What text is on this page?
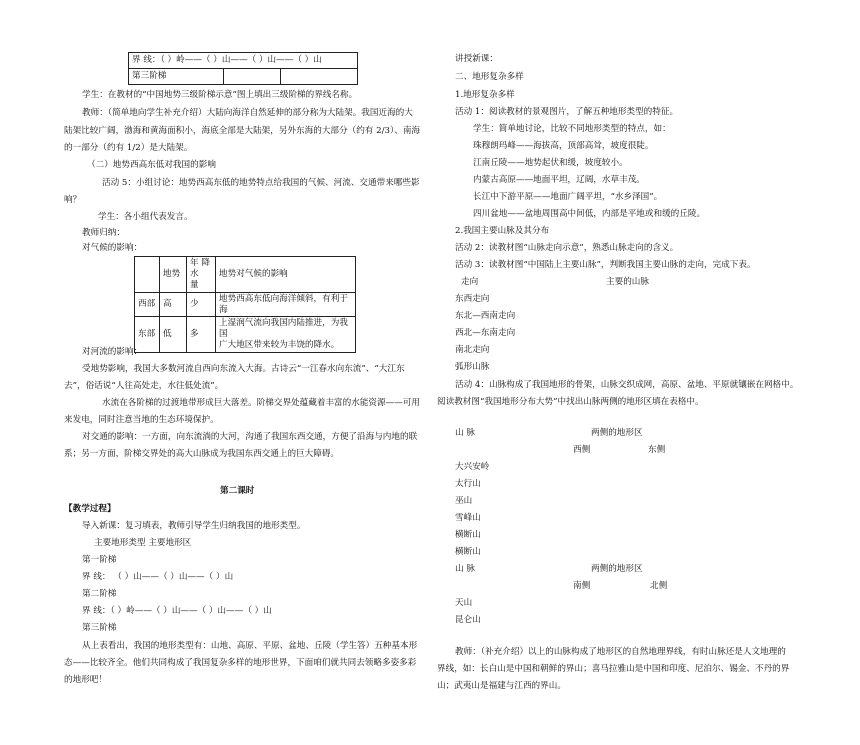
界 线：（ ）岭——（ ）山——（ ）山——（ ）山
第三阶梯		
学生：在教材的“中国地势三级阶梯示意”图上填出三级阶梯的界线名称。
教师：（简单地向学生补充介绍）大陆向海洋自然延伸的部分称为大陆架。我国近海的大
陆架比较广阔，渤海和黄海面积小，海底全部是大陆架，另外东海的大部分（约有 2/3）、南海
的一部分（约有 1/2）是大陆架。
（二）地势西高东低对我国的影响
活动 5：小组讨论：地势西高东低的地势特点给我国的气候、河流、交通带来哪些影
响？
学生：各小组代表发言。
教师归纳：
对气候的影响：
	地势	年 降 水
量	地势对气候的影响
西部	高	少	地势西高东低向海洋倾斜，有利于海
东部	低	多	上湿润气流向我国内陆推进，为我国
广大地区带来较为丰饶的降水。
对河流的影响：
受地势影响，我国大多数河流自西向东流入大海。古诗云“一江春水向东流”、“大江东
去”，俗话说“人往高处走，水往低处流”。
水流在各阶梯的过渡地带形成巨大落差。阶梯交界处蕴藏着丰富的水能资源——可用
来发电，同时注意当地的生态环境保护。
对交通的影响：一方面，向东流淌的大河，沟通了我国东西交通，方便了沿海与内地的联
系；另一方面，阶梯交界处的高大山脉成为我国东西交通上的巨大障碍。
第二课时
【教学过程】
导入新课：复习填表，教师引导学生归纳我国的地形类型。
主要地形类型 主要地形区
第一阶梯
界 线： （ ）山——（ ）山——（ ）山
第二阶梯
界 线：（ ）岭——（ ）山——（ ）山——（ ）山
第三阶梯
从上表看出，我国的地形类型有：山地、高原、平原、盆地、丘陵（学生答）五种基本形
态——比较齐全。他们共同构成了我国复杂多样的地形世界，下面咱们就共同去领略多姿多彩
的地形吧！
讲授新课：
二、地形复杂多样
1.地形复杂多样
活动 1：阅读教材的景观图片，了解五种地形类型的特征。
学生：简单地讨论，比较不同地形类型的特点，如：
珠穆朗玛峰——海拔高，顶部高耸，坡度很陡。
江南丘陵——地势起伏和缓，坡度较小。
内蒙古高原——地面平坦，辽阔，水草丰茂。
长江中下游平原——地面广阔平坦，“水乡泽国”。
四川盆地——盆地周围高中间低，内部是平地或和缓的丘陵。
2.我国主要山脉及其分布
活动 2：读教材图“山脉走向示意”，熟悉山脉走向的含义。
活动 3：读教材图“中国陆上主要山脉”，判断我国主要山脉的走向，完成下表。
走向	主要的山脉
东西走向
东北—西南走向
西北—东南走向
南北走向
弧形山脉
活动 4：山脉构成了我国地形的骨架，山脉交织成网，高原、盆地、平原就镶嵌在网格中。
阅读教材图“我国地形分布大势”中找出山脉两侧的地形区填在表格中。
山 脉	两侧的地形区
西侧	东侧
大兴安岭
太行山
巫山
雪峰山
横断山
横断山
山 脉	两侧的地形区
南侧	北侧
天山
昆仑山
教师：（补充介绍）以上的山脉构成了地形区的自然地理界线，有时山脉还是人文地理的
界线，如：长白山是中国和朝鲜的界山；喜马拉雅山是中国和印度、尼泊尔、锡金、不丹的界
山；武夷山是福建与江西的界山。
